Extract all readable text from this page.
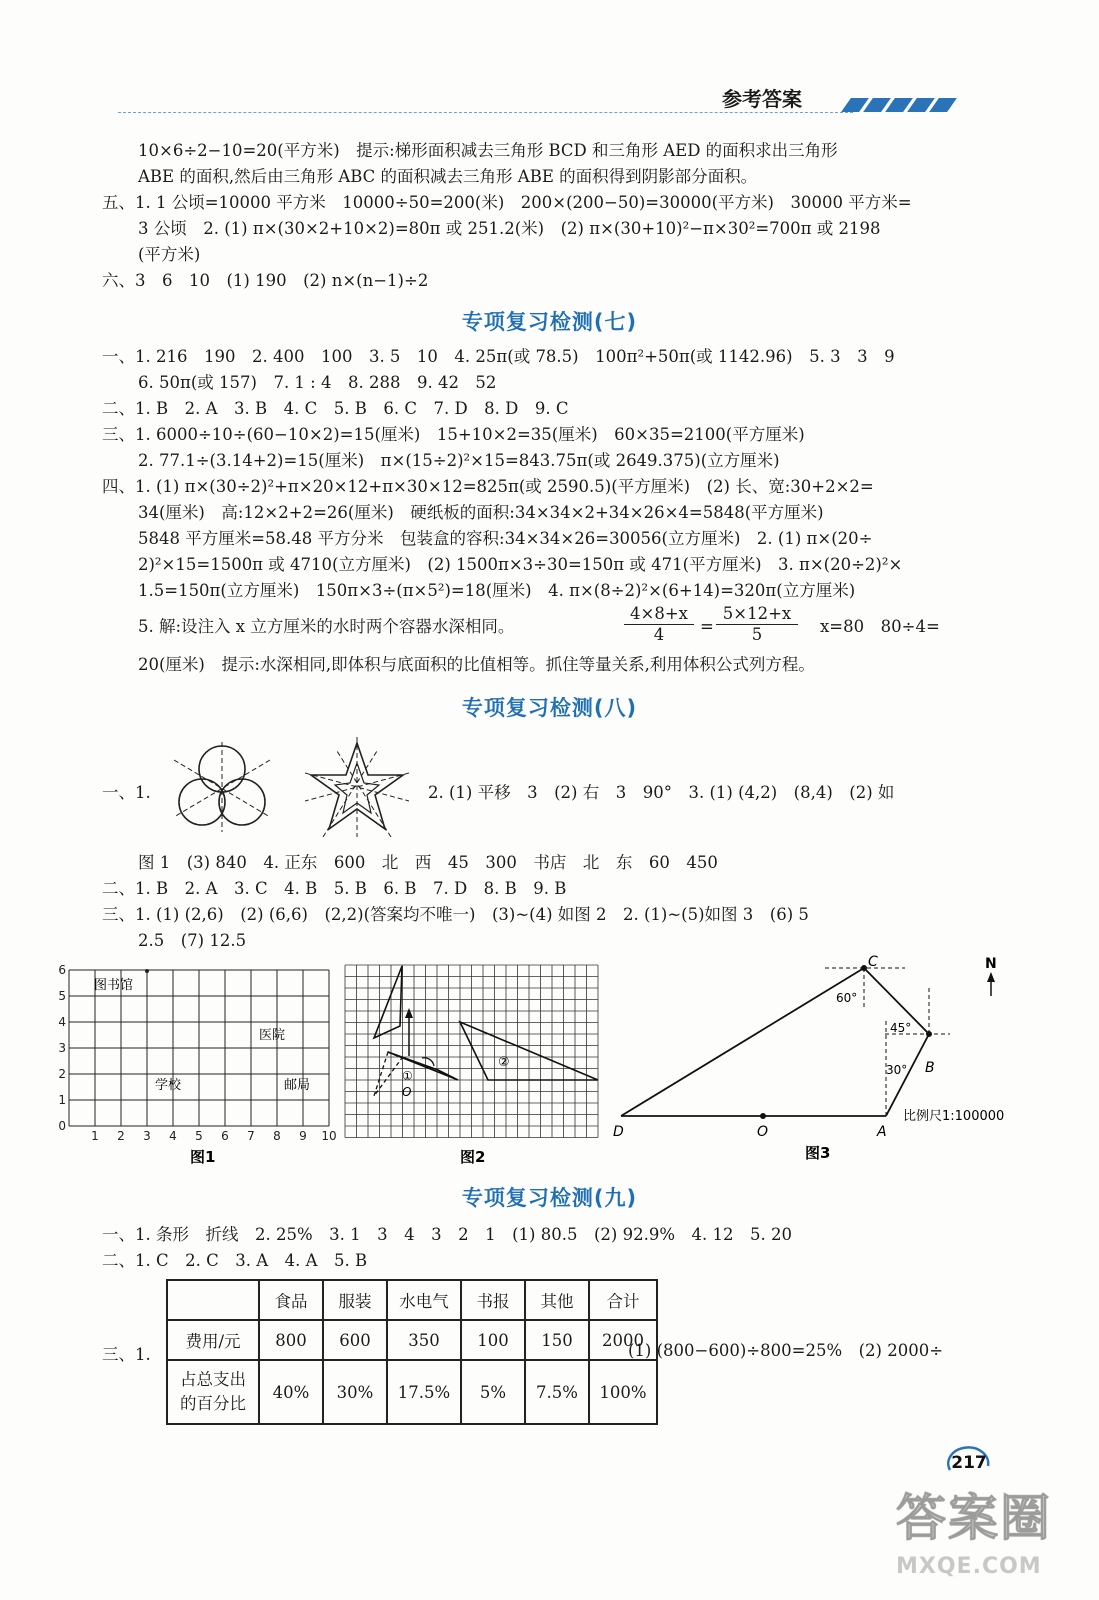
参考答案
10×6÷2−10=20(平方米)　提示:梯形面积减去三角形 BCD 和三角形 AED 的面积求出三角形
ABE 的面积,然后由三角形 ABC 的面积减去三角形 ABE 的面积得到阴影部分面积。
五、1. 1 公顷=10000 平方米　10000÷50=200(米)　200×(200−50)=30000(平方米)　30000 平方米=
3 公顷　2. (1) π×(30×2+10×2)=80π 或 251.2(米)　(2) π×(30+10)²−π×30²=700π 或 2198
(平方米)
六、3　6　10　(1) 190　(2) n×(n−1)÷2
专项复习检测(七)
一、1. 216　190　2. 400　100　3. 5　10　4. 25π(或 78.5)　100π²+50π(或 1142.96)　5. 3　3　9
6. 50π(或 157)　7. 1 : 4　8. 288　9. 42　52
二、1. B　2. A　3. B　4. C　5. B　6. C　7. D　8. D　9. C
三、1. 6000÷10÷(60−10×2)=15(厘米)　15+10×2=35(厘米)　60×35=2100(平方厘米)
2. 77.1÷(3.14+2)=15(厘米)　π×(15÷2)²×15=843.75π(或 2649.375)(立方厘米)
四、1. (1) π×(30÷2)²+π×20×12+π×30×12=825π(或 2590.5)(平方厘米)　(2) 长、宽:30+2×2=
34(厘米)　高:12×2+2=26(厘米)　硬纸板的面积:34×34×2+34×26×4=5848(平方厘米)
5848 平方厘米=58.48 平方分米　包装盒的容积:34×34×26=30056(立方厘米)　2. (1) π×(20÷
2)²×15=1500π 或 4710(立方厘米)　(2) 1500π×3÷30=150π 或 471(平方厘米)　3. π×(20÷2)²×
1.5=150π(立方厘米)　150π×3÷(π×5²)=18(厘米)　4. π×(8÷2)²×(6+14)=320π(立方厘米)
5. 解:设注入 x 立方厘米的水时两个容器水深相同。	$\frac{4\times 8+x}{4} = \frac{5\times 12+x}{5} x=80$　80÷4=
20(厘米)　提示:水深相同,即体积与底面积的比值相等。抓住等量关系,利用体积公式列方程。
专项复习检测(八)
一、1.	2. (1) 平移　3　(2) 右　3　90°　3. (1) (4,2)　(8,4)　(2) 如
图 1　(3) 840　4. 正东　600　北　西　45　300　书店　北　东　60　450
二、1. B　2. A　3. C　4. B　5. B　6. B　7. D　8. B　9. B
三、1. (1) (2,6)　(2) (6,6)　(2,2)(答案均不唯一)　(3)~(4) 如图 2　2. (1)~(5)如图 3　(6) 5
2.5　(7) 12.5
1 2 3 4 5 6 7 8 9 10
0
1
2
3
4
5
6
图书馆
医院
学校	邮局
图1
①
②
O
图2
C
B
D	O	A
60°
45°
30°
比例尺1:100000
N
图3
专项复习检测(九)
一、1. 条形　折线　2. 25%　3. 1　3　4　3　2　1　(1) 80.5　(2) 92.9%　4. 12　5. 20
二、1. C　2. C　3. A　4. A　5. B
三、1.
	食品	服装	水电气	书报	其他	合计
费用/元	800	600	350	100	150	2000

占总支出
的百分比	40%	30%	17.5%	5%	7.5%	100%
(1) (800−600)÷800=25%　(2) 2000÷
217
答案圈
MXQE.COM
